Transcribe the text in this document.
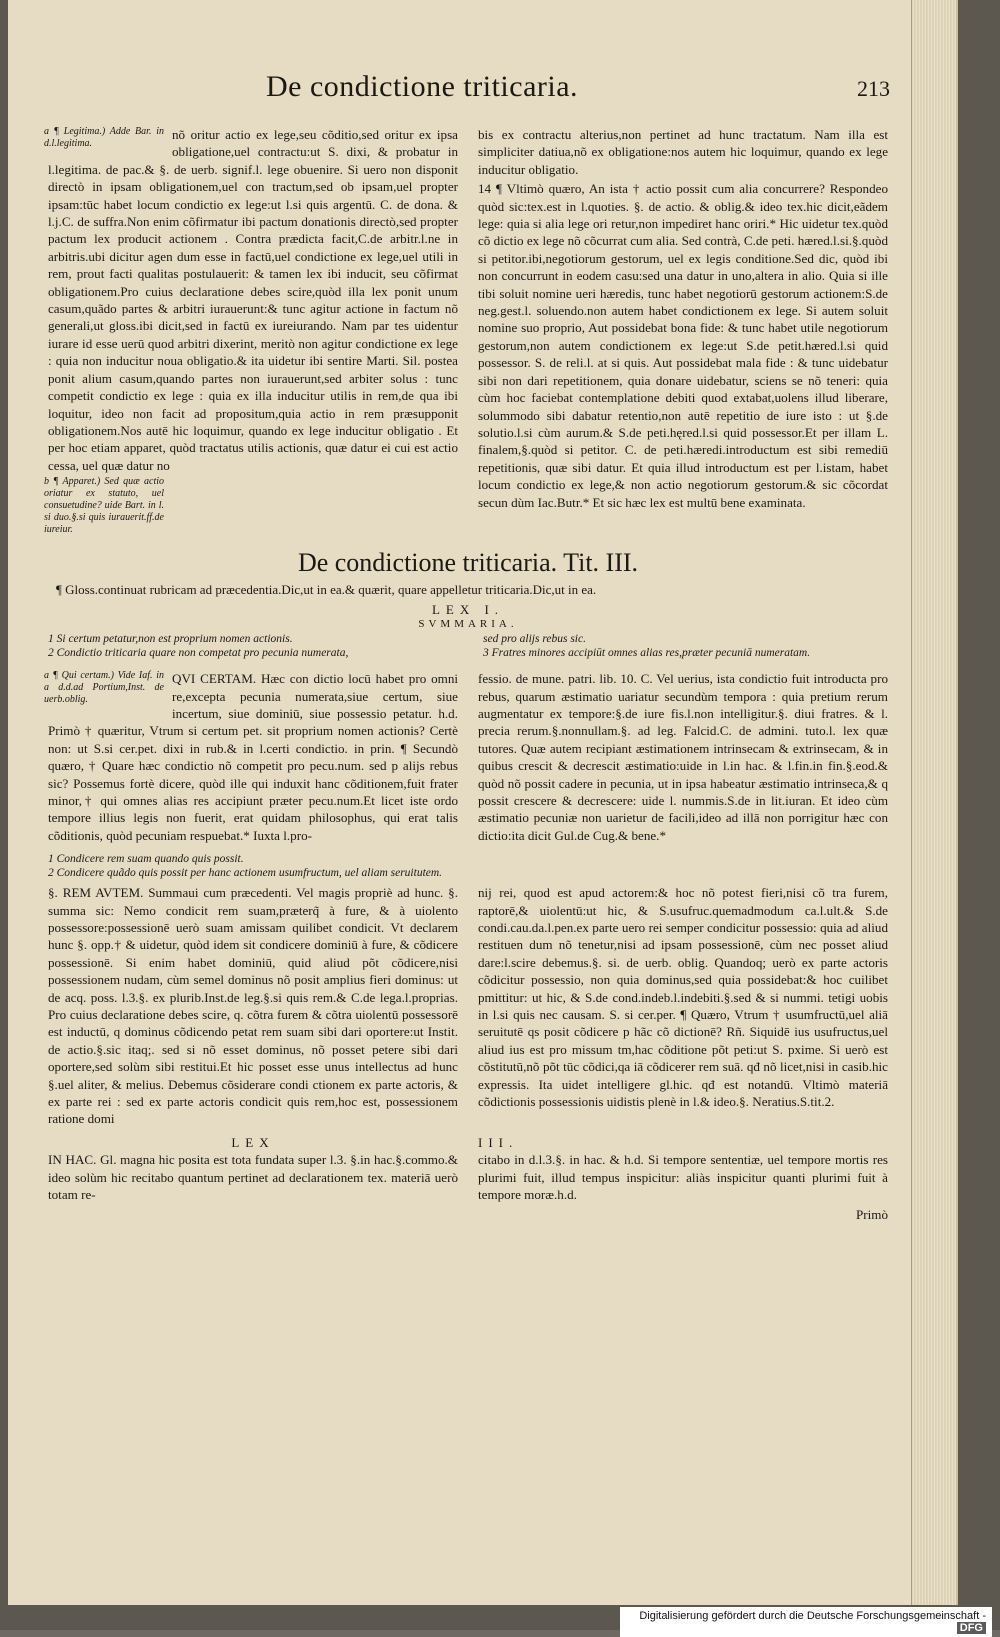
De condictione triticaria.	213
a ¶ Legitima.) Adde Bar. in d.l.legitima.

nõ oritur actio ex lege,seu cõditio,sed oritur ex ipsa obligatione,uel contractu:ut S. dixi, & probatur in l.legitima. de pac.& §. de uerb. signif.l. lege obuenire. Si uero non disponit directò in ipsam obligationem,uel con tractum,sed ob ipsam,uel propter ipsam:tūc habet locum condictio ex lege:ut l.si quis argentū. C. de dona. & l.j.C. de suffra.Non enim cõfirmatur ibi pactum donationis directò,sed propter pactum lex producit actionem . Contra prædicta facit,C.de arbitr.l.ne in arbitris.ubi dicitur agen dum esse in factū,uel condictione ex lege,uel utili in rem, prout facti qualitas postulauerit: & tamen lex ibi inducit, seu cõfirmat obligationem.Pro cuius declaratione debes scire,quòd illa lex ponit unum casum,quãdo partes & arbitri iurauerunt:& tunc agitur actione in factum nõ generali,ut gloss.ibi dicit,sed in factū ex iureiurando. Nam par tes uidentur iurare id esse uerū quod arbitri dixerint, meritò non agitur condictione ex lege : quia non inducitur noua obligatio.& ita uidetur ibi sentire Marti. Sil. postea ponit alium casum,quando partes non iurauerunt,sed arbiter solus : tunc competit condictio ex lege : quia ex illa inducitur utilis in rem,de qua ibi loquitur, ideo non facit ad propositum,quia actio in rem præsupponit obligationem.Nos autē hic loquimur, quando ex lege inducitur obligatio . Et per hoc etiam apparet, quòd tractatus utilis actionis, quæ datur ei cui est actio cessa, uel quæ datur no

b ¶ Apparet.) Sed quæ actio oriatur ex statuto, uel consuetudine? uide Bart. in l. si duo.§.si quis iurauerit.ff.de iureiur.

bis ex contractu alterius,non pertinet ad hunc tractatum. Nam illa est simpliciter datiua,nõ ex obligatione:nos autem hic loquimur, quando ex lege inducitur obligatio.

14 ¶ Vltimò quæro, An ista † actio possit cum alia concurrere? Respondeo quòd sic:tex.est in l.quoties. §. de actio. & oblig.& ideo tex.hic dicit,eãdem lege: quia si alia lege ori retur,non impediret hanc oriri.* Hic uidetur tex.quòd cõ dictio ex lege nõ cõcurrat cum alia. Sed contrà, C.de peti. hæred.l.si.§.quòd si petitor.ibi,negotiorum gestorum, uel ex legis conditione.Sed dic, quòd ibi non concurrunt in eodem casu:sed una datur in uno,altera in alio. Quia si ille tibi soluit nomine ueri hæredis, tunc habet negotiorū gestorum actionem:S.de neg.gest.l. soluendo.non autem habet condictionem ex lege. Si autem soluit nomine suo proprio, Aut possidebat bona fide: & tunc habet utile negotiorum gestorum,non autem condictionem ex lege:ut S.de petit.hæred.l.si quid possessor. S. de reli.l. at si quis. Aut possidebat mala fide : & tunc uidebatur sibi non dari repetitionem, quia donare uidebatur, sciens se nõ teneri: quia cùm hoc faciebat contemplatione debiti quod extabat,uolens illud liberare, solummodo sibi dabatur retentio,non autē repetitio de iure isto : ut §.de solutio.l.si cùm aurum.& S.de peti.hęred.l.si quid possessor.Et per illam L. finalem,§.quòd si petitor. C. de peti.hæredi.introductum est sibi remediū repetitionis, quæ sibi datur. Et quia illud introductum est per l.istam, habet locum condictio ex lege,& non actio negotiorum gestorum.& sic cõcordat secun dùm Iac.Butr.* Et sic hæc lex est multū bene examinata.

De condictione triticaria. Tit. III.
¶ Gloss.continuat rubricam ad præcedentia.Dic,ut in ea.& quærit, quare appelletur triticaria.Dic,ut in ea.
LEX I.
SVMMARIA.
1 Si certum petatur,non est proprium nomen actionis.
2 Condictio triticaria quare non competat pro pecunia numerata,
sed pro alijs rebus sic.
3 Fratres minores accipiūt omnes alias res,præter pecuniā numeratam.
a ¶ Qui certam.) Vide Iaf. in a d.d.ad Portium,Inst. de uerb.oblig.

QVI CERTAM. Hæc con dictio locū habet pro omni re,excepta pecunia numerata,siue certum, siue incertum, siue dominiū, siue possessio petatur. h.d. Primò † quæritur, Vtrum si certum pet. sit proprium nomen actionis? Certè non: ut S.si cer.pet. dixi in rub.& in l.certi condictio. in prin. ¶ Secundò quæro, † Quare hæc condictio nõ competit pro pecu.num. sed p alijs rebus sic? Possemus fortè dicere, quòd ille qui induxit hanc cõditionem,fuit frater minor,† qui omnes alias res accipiunt præter pecu.num.Et licet iste ordo tempore illius legis non fuerit, erat quidam philosophus, qui erat talis cõditionis, quòd pecuniam respuebat.* Iuxta l.pro-

fessio. de mune. patri. lib. 10. C. Vel uerius, ista condictio fuit introducta pro rebus, quarum æstimatio uariatur secundùm tempora : quia pretium rerum augmentatur ex tempore:§.de iure fis.l.non intelligitur.§. diui fratres. & l. precia rerum.§.nonnullam.§. ad leg. Falcid.C. de admini. tuto.l. lex quæ tutores. Quæ autem recipiant æstimationem intrinsecam & extrinsecam, & in quibus crescit & decrescit æstimatio:uide in l.in hac. & l.fin.in fin.§.eod.& quòd nõ possit cadere in pecunia, ut in ipsa habeatur æstimatio intrinseca,& q possit crescere & decrescere: uide l. nummis.S.de in lit.iuran. Et ideo cùm æstimatio pecuniæ non uarietur de facili,ideo ad illā non porrigitur hæc con dictio:ita dicit Gul.de Cug.& bene.*

1 Condicere rem suam quando quis possit.
2 Condicere quãdo quis possit per hanc actionem usumfructum, uel aliam seruitutem.

§. REM AVTEM. Summaui cum præcedenti. Vel magis propriè ad hunc. §. summa sic: Nemo condicit rem suam,præterq̃ à fure, & à uiolento possessore:possessionē uerò suam amissam quilibet condicit. Vt declarem hunc §. opp.† & uidetur, quòd idem sit condicere dominiū à fure, & cõdicere possessionē. Si enim habet dominiū, quid aliud põt cõdicere,nisi possessionem nudam, cùm semel dominus nõ posit amplius fieri dominus: ut de acq. poss. l.3.§. ex plurib.Inst.de leg.§.si quis rem.& C.de lega.l.proprias. Pro cuius declaratione debes scire, q. cõtra furem & cõtra uiolentū possessorē est inductū, q dominus cõdicendo petat rem suam sibi dari oportere:ut Instit. de actio.§.sic itaq;. sed si nõ esset dominus, nõ posset petere sibi dari oportere,sed solùm sibi restitui.Et hic posset esse unus intellectus ad hunc §.uel aliter, & melius. Debemus cõsiderare condi ctionem ex parte actoris, & ex parte rei : sed ex parte actoris condicit quis rem,hoc est, possessionem ratione domi

nij rei, quod est apud actorem:& hoc nõ potest fieri,nisi cõ tra furem, raptorē,& uiolentū:ut hic, & S.usufruc.quemadmodum ca.l.ult.& S.de condi.cau.da.l.pen.ex parte uero rei semper condicitur possessio: quia ad aliud restituen dum nõ tenetur,nisi ad ipsam possessionē, cùm nec posset aliud dare:l.scire debemus.§. si. de uerb. oblig. Quandoq; uerò ex parte actoris cõdicitur possessio, non quia dominus,sed quia possidebat:& hoc cuilibet pmittitur: ut hic, & S.de cond.indeb.l.indebiti.§.sed & si nummi. tetigi uobis in l.si quis nec causam. S. si cer.per. ¶ Quæro, Vtrum † usumfructū,uel aliā seruitutē qs posit cõdicere p hãc cõ dictionē? Rñ. Siquidē ius usufructus,uel aliud ius est pro missum tm,hac cõditione põt peti:ut S. pxime. Si uerò est cõstitutū,nõ põt tūc cõdici,qa iā cõdicerer rem suā. qđ nõ licet,nisi in casib.hic expressis. Ita uidet intelligere gl.hic. qđ est notandū. Vltimò materiā cõdictionis possessionis uidistis plenè in l.& ideo.§. Neratius.S.tit.2.

LEX

IN HAC. Gl. magna hic posita est tota fundata super l.3. §.in hac.§.commo.& ideo solùm hic recitabo quantum pertinet ad declarationem tex. materiā uerò totam re-

III.

citabo in d.l.3.§. in hac. & h.d. Si tempore sententiæ, uel tempore mortis res plurimi fuit, illud tempus inspicitur: aliàs inspicitur quanti plurimi fuit à tempore moræ.h.d.

Primò
Digitalisierung gefördert durch die Deutsche Forschungsgemeinschaft -DFG
